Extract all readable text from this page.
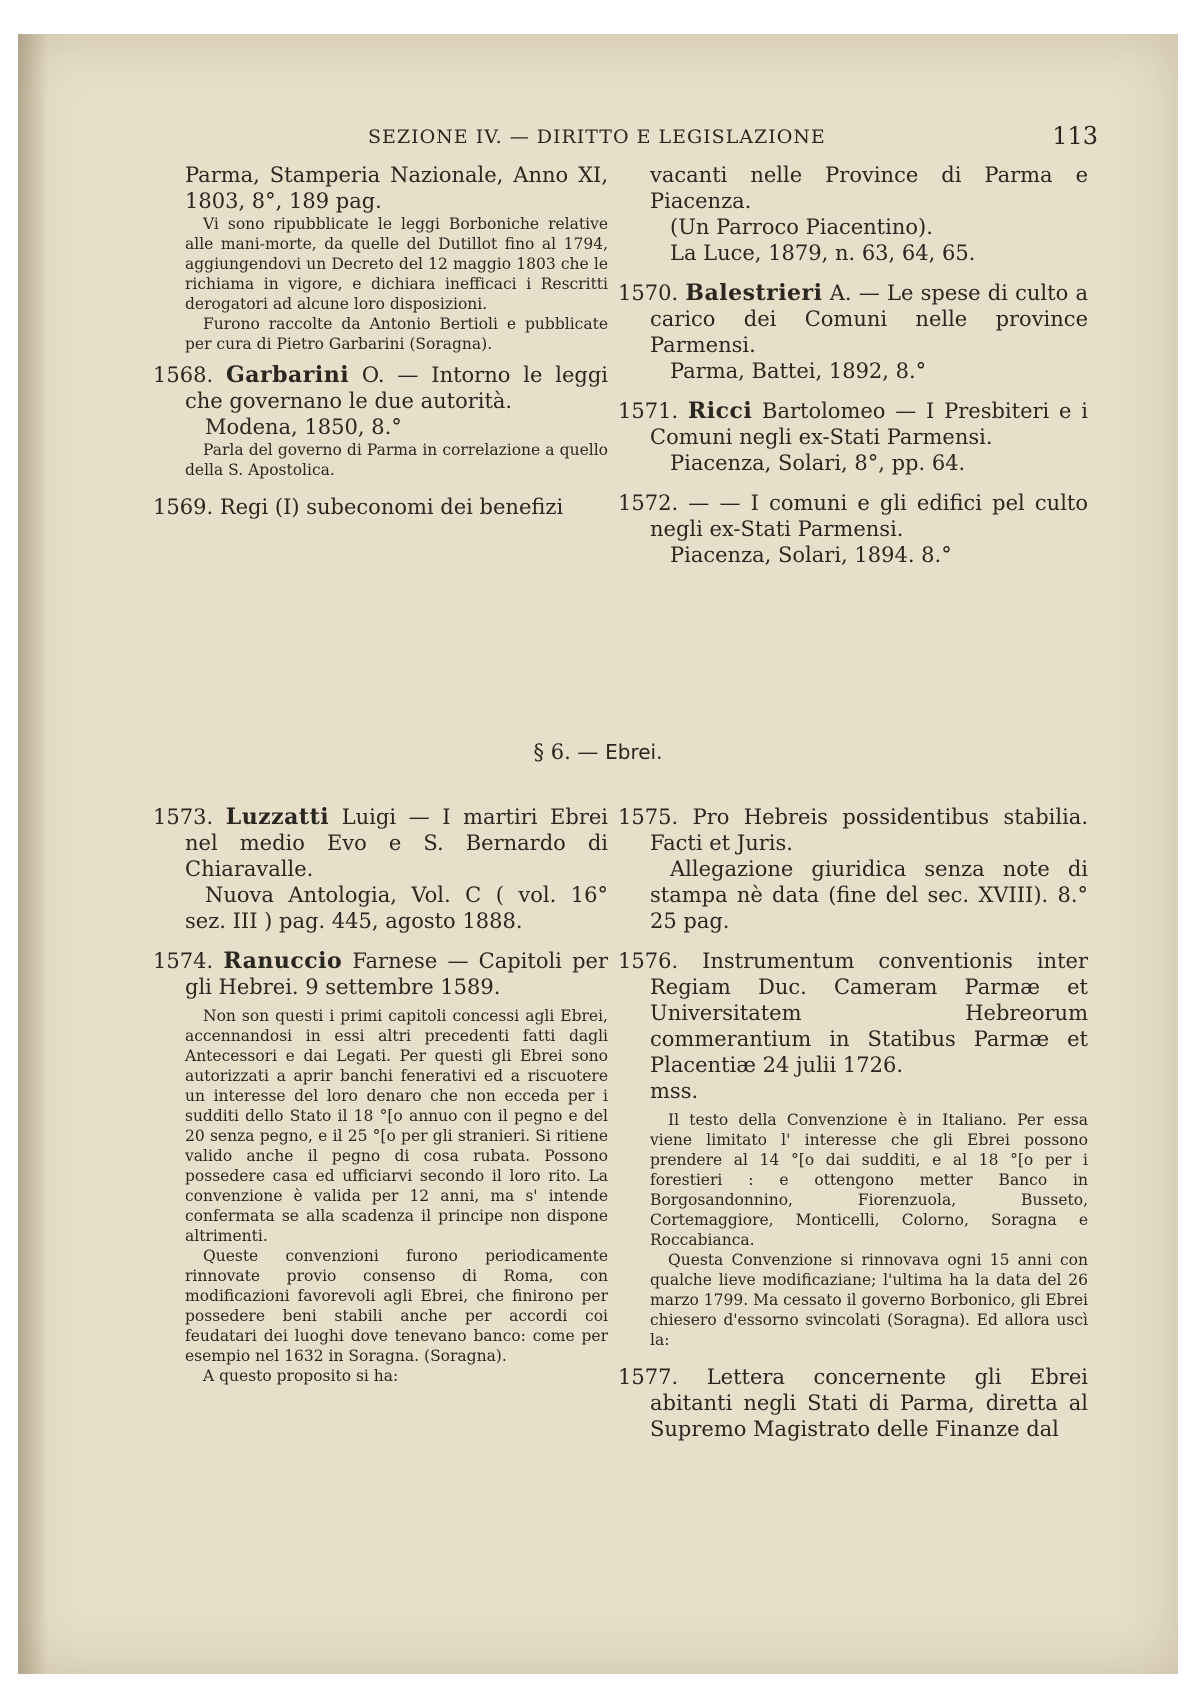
SEZIONE IV. — DIRITTO E LEGISLAZIONE	113

Parma, Stamperia Nazionale, Anno XI, 1803, 8°, 189 pag.

Vi sono ripubblicate le leggi Borboniche relative alle mani-morte, da quelle del Dutillot fino al 1794, aggiungendovi un Decreto del 12 maggio 1803 che le richiama in vigore, e dichiara inefficaci i Rescritti derogatori ad alcune loro disposizioni.

Furono raccolte da Antonio Bertioli e pubblicate per cura di Pietro Garbarini (Soragna).

1568. Garbarini O. — Intorno le leggi che governano le due autorità.

Modena, 1850, 8.°

Parla del governo di Parma in correlazione a quello della S. Apostolica.

1569. Regi (I) subeconomi dei benefizi

vacanti nelle Province di Parma e Piacenza.

(Un Parroco Piacentino).

La Luce, 1879, n. 63, 64, 65.

1570. Balestrieri A. — Le spese di culto a carico dei Comuni nelle province Parmensi.

Parma, Battei, 1892, 8.°

1571. Ricci Bartolomeo — I Presbiteri e i Comuni negli ex-Stati Parmensi.

Piacenza, Solari, 8°, pp. 64.

1572. — — I comuni e gli edifici pel culto negli ex-Stati Parmensi.

Piacenza, Solari, 1894. 8.°

§ 6. — Ebrei.

1573. Luzzatti Luigi — I martiri Ebrei nel medio Evo e S. Bernardo di Chiaravalle.

Nuova Antologia, Vol. C ( vol. 16° sez. III ) pag. 445, agosto 1888.

1574. Ranuccio Farnese — Capitoli per gli Hebrei. 9 settembre 1589.

Non son questi i primi capitoli concessi agli Ebrei, accennandosi in essi altri precedenti fatti dagli Antecessori e dai Legati. Per questi gli Ebrei sono autorizzati a aprir banchi fenerativi ed a riscuotere un interesse del loro denaro che non ecceda per i sudditi dello Stato il 18 °[o annuo con il pegno e del 20 senza pegno, e il 25 °[o per gli stranieri. Si ritiene valido anche il pegno di cosa rubata. Possono possedere casa ed ufficiarvi secondo il loro rito. La convenzione è valida per 12 anni, ma s' intende confermata se alla scadenza il principe non dispone altrimenti.

Queste convenzioni furono periodicamente rinnovate provio consenso di Roma, con modificazioni favorevoli agli Ebrei, che finirono per possedere beni stabili anche per accordi coi feudatari dei luoghi dove tenevano banco: come per esempio nel 1632 in Soragna. (Soragna).

A questo proposito si ha:

1575. Pro Hebreis possidentibus stabilia. Facti et Juris.

Allegazione giuridica senza note di stampa nè data (fine del sec. XVIII). 8.° 25 pag.

1576. Instrumentum conventionis inter Regiam Duc. Cameram Parmæ et Universitatem Hebreorum commerantium in Statibus Parmæ et Placentiæ 24 julii 1726.

mss.

Il testo della Convenzione è in Italiano. Per essa viene limitato l' interesse che gli Ebrei possono prendere al 14 °[o dai sudditi, e al 18 °[o per i forestieri : e ottengono metter Banco in Borgosandonnino, Fiorenzuola, Busseto, Cortemaggiore, Monticelli, Colorno, Soragna e Roccabianca.

Questa Convenzione si rinnovava ogni 15 anni con qualche lieve modificaziane; l'ultima ha la data del 26 marzo 1799. Ma cessato il governo Borbonico, gli Ebrei chiesero d'essorno svincolati (Soragna). Ed allora uscì la:

1577. Lettera concernente gli Ebrei abitanti negli Stati di Parma, diretta al Supremo Magistrato delle Finanze dal
